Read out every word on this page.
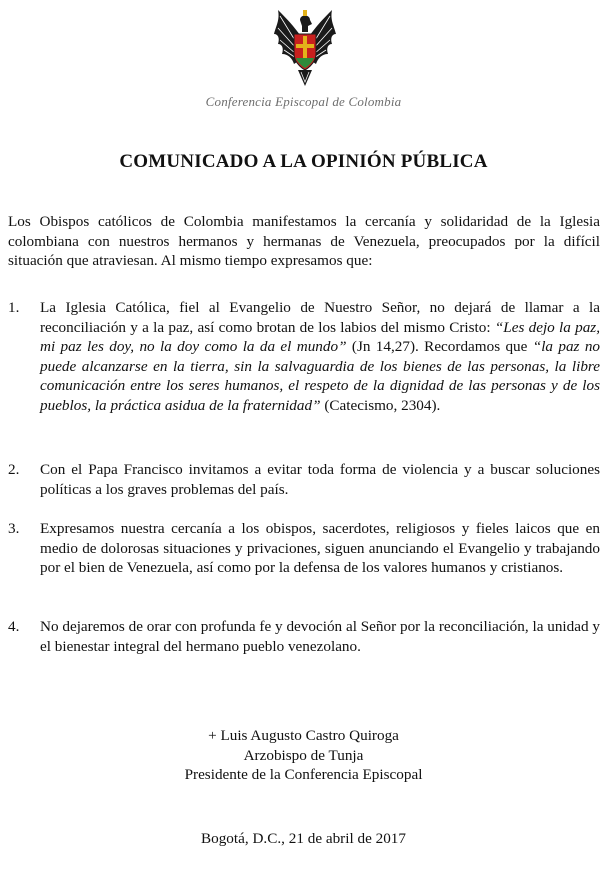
Conferencia Episcopal de Colombia
COMUNICADO A LA OPINIÓN PÚBLICA
Los Obispos católicos de Colombia manifestamos la cercanía y solidaridad de la Iglesia colombiana con nuestros hermanos y hermanas de Venezuela, preocupados por la difícil situación que atraviesan. Al mismo tiempo expresamos que:
1.	La Iglesia Católica, fiel al Evangelio de Nuestro Señor, no dejará de llamar a la reconciliación y a la paz, así como brotan de los labios del mismo Cristo: “Les dejo la paz, mi paz les doy, no la doy como la da el mundo” (Jn 14,27). Recordamos que “la paz no puede alcanzarse en la tierra, sin la salvaguardia de los bienes de las personas, la libre comunicación entre los seres humanos, el respeto de la dignidad de las personas y de los pueblos, la práctica asidua de la fraternidad” (Catecismo, 2304).
2.	Con el Papa Francisco invitamos a evitar toda forma de violencia y a buscar soluciones políticas a los graves problemas del país.
3.	Expresamos nuestra cercanía a los obispos, sacerdotes, religiosos y fieles laicos que en medio de dolorosas situaciones y privaciones, siguen anunciando el Evangelio y trabajando por el bien de Venezuela, así como por la defensa de los valores humanos y cristianos.
4.	No dejaremos de orar con profunda fe y devoción al Señor por la reconciliación, la unidad y el bienestar integral del hermano pueblo venezolano.
+ Luis Augusto Castro Quiroga
Arzobispo de Tunja
Presidente de la Conferencia Episcopal
Bogotá, D.C., 21 de abril de 2017
